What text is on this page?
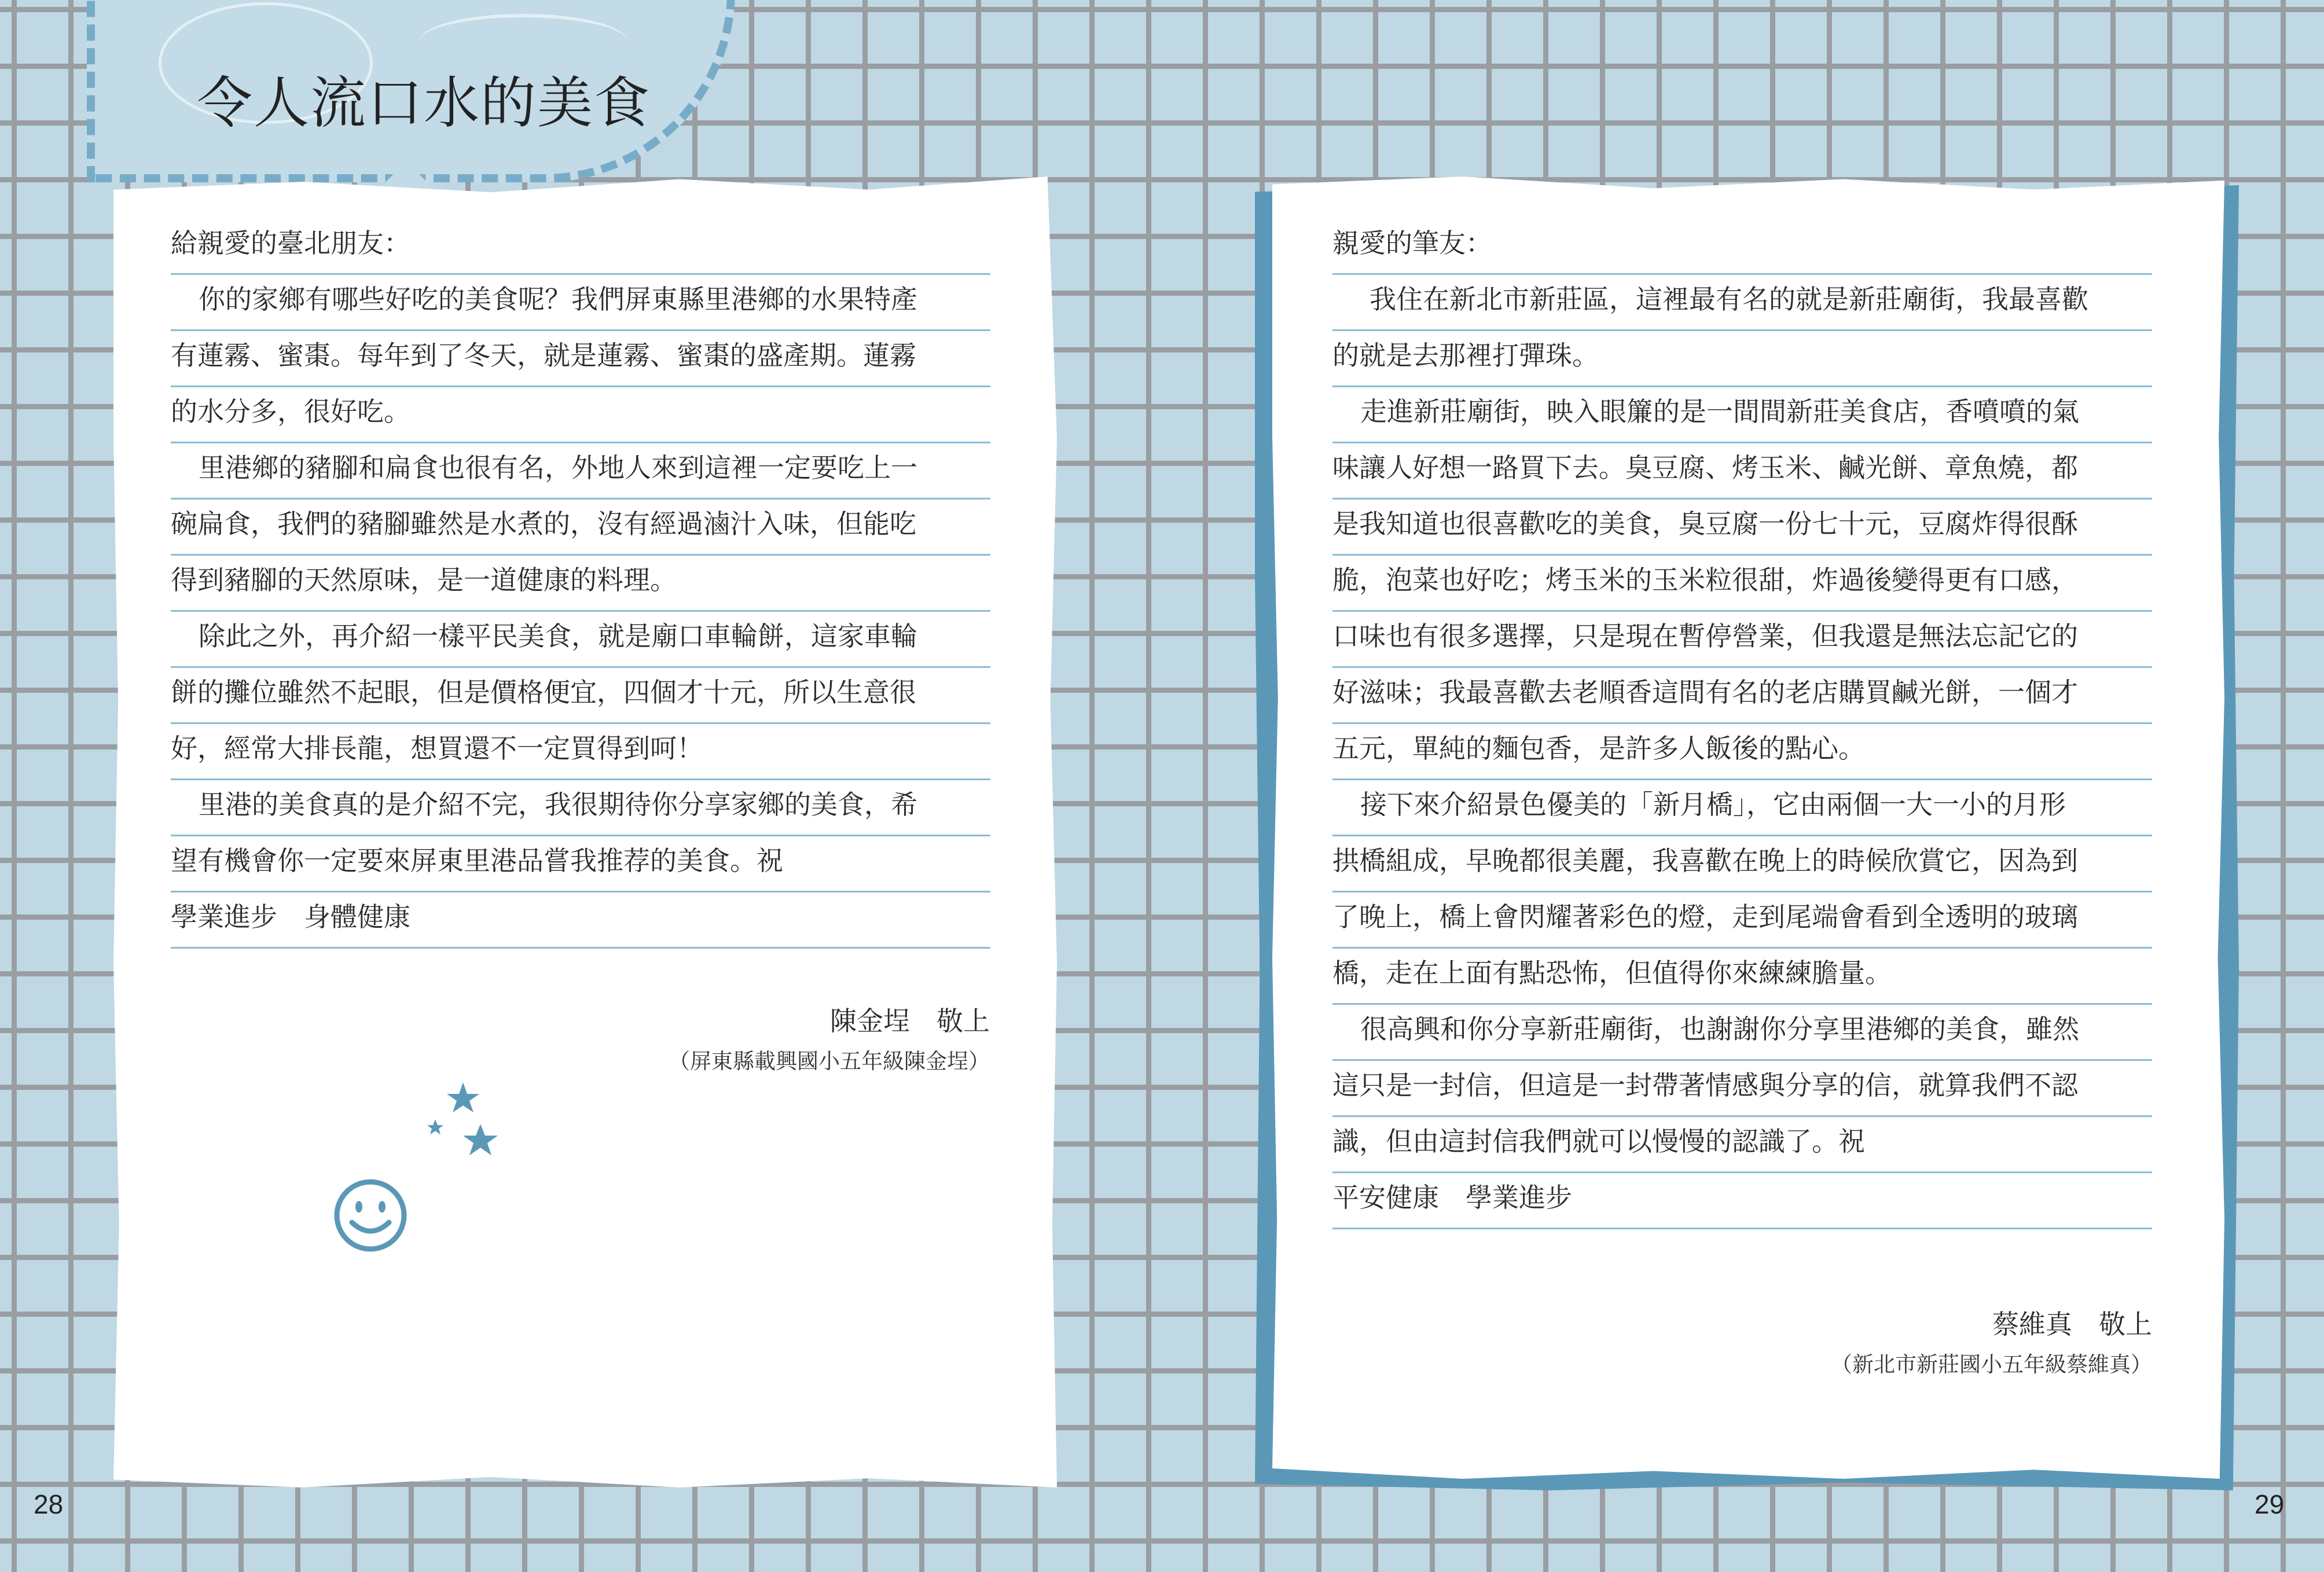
令人流口水的美食
給親愛的臺北朋友：
你的家鄉有哪些好吃的美食呢？我們屏東縣里港鄉的水果特產
有蓮霧、蜜棗。每年到了冬天，就是蓮霧、蜜棗的盛產期。蓮霧
的水分多，很好吃。
里港鄉的豬腳和扁食也很有名，外地人來到這裡一定要吃上一
碗扁食，我們的豬腳雖然是水煮的，沒有經過滷汁入味，但能吃
得到豬腳的天然原味，是一道健康的料理。
除此之外，再介紹一樣平民美食，就是廟口車輪餅，這家車輪
餅的攤位雖然不起眼，但是價格便宜，四個才十元，所以生意很
好，經常大排長龍，想買還不一定買得到呵！
里港的美食真的是介紹不完，我很期待你分享家鄉的美食，希
望有機會你一定要來屏東里港品嘗我推荐的美食。祝
學業進步　身體健康
陳金埕　敬上
（屏東縣載興國小五年級陳金埕）
親愛的筆友：
我住在新北市新莊區，這裡最有名的就是新莊廟街，我最喜歡
的就是去那裡打彈珠。
走進新莊廟街，映入眼簾的是一間間新莊美食店，香噴噴的氣
味讓人好想一路買下去。臭豆腐、烤玉米、鹹光餅、章魚燒，都
是我知道也很喜歡吃的美食，臭豆腐一份七十元，豆腐炸得很酥
脆，泡菜也好吃；烤玉米的玉米粒很甜，炸過後變得更有口感，
口味也有很多選擇，只是現在暫停營業，但我還是無法忘記它的
好滋味；我最喜歡去老順香這間有名的老店購買鹹光餅，一個才
五元，單純的麵包香，是許多人飯後的點心。
接下來介紹景色優美的「新月橋」，它由兩個一大一小的月形
拱橋組成，早晚都很美麗，我喜歡在晚上的時候欣賞它，因為到
了晚上，橋上會閃耀著彩色的燈，走到尾端會看到全透明的玻璃
橋，走在上面有點恐怖，但值得你來練練膽量。
很高興和你分享新莊廟街，也謝謝你分享里港鄉的美食，雖然
這只是一封信，但這是一封帶著情感與分享的信，就算我們不認
識，但由這封信我們就可以慢慢的認識了。祝
平安健康　學業進步
蔡維真　敬上
（新北市新莊國小五年級蔡維真）
28	29
